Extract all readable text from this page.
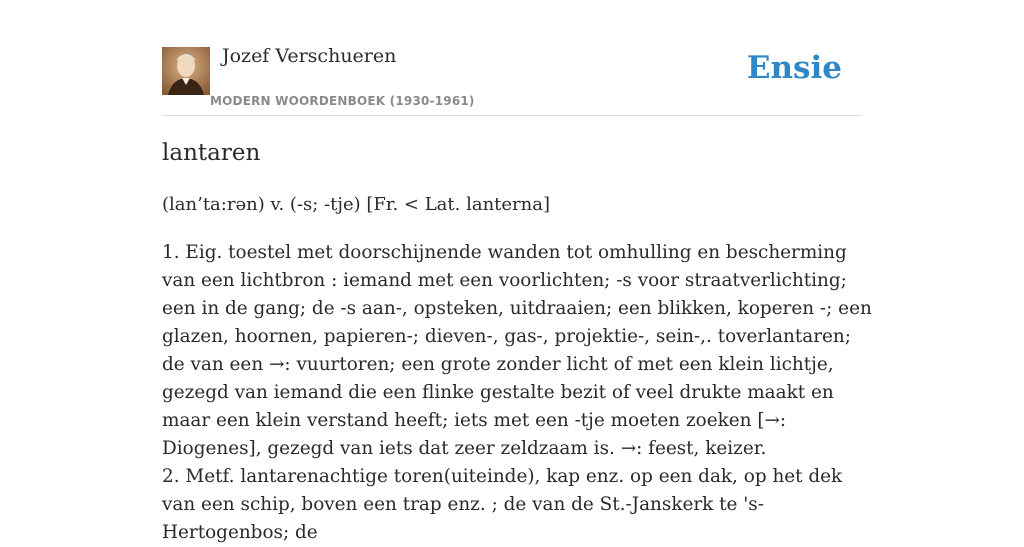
Jozef Verschueren
MODERN WOORDENBOEK (1930-1961)
Ensie
lantaren
(lan’ta:rən) v. (-s; -tje) [Fr. < Lat. lanterna]

1. Eig. toestel met doorschijnende wanden tot omhulling en bescherming van een lichtbron : iemand met een voorlichten; -s voor straatverlichting; een in de gang; de -s aan-, opsteken, uitdraaien; een blikken, koperen -; een glazen, hoornen, papieren-; dieven-, gas-, projektie-, sein-,. toverlantaren; de van een →: vuurtoren; een grote zonder licht of met een klein lichtje, gezegd van iemand die een flinke gestalte bezit of veel drukte maakt en maar een klein verstand heeft; iets met een -tje moeten zoeken [→: Diogenes], gezegd van iets dat zeer zeldzaam is. →: feest, keizer.

2. Metf. lantarenachtige toren(uiteinde), kap enz. op een dak, op het dek van een schip, boven een trap enz. ; de van de St.-Janskerk te 's-Hertogenbos; de
